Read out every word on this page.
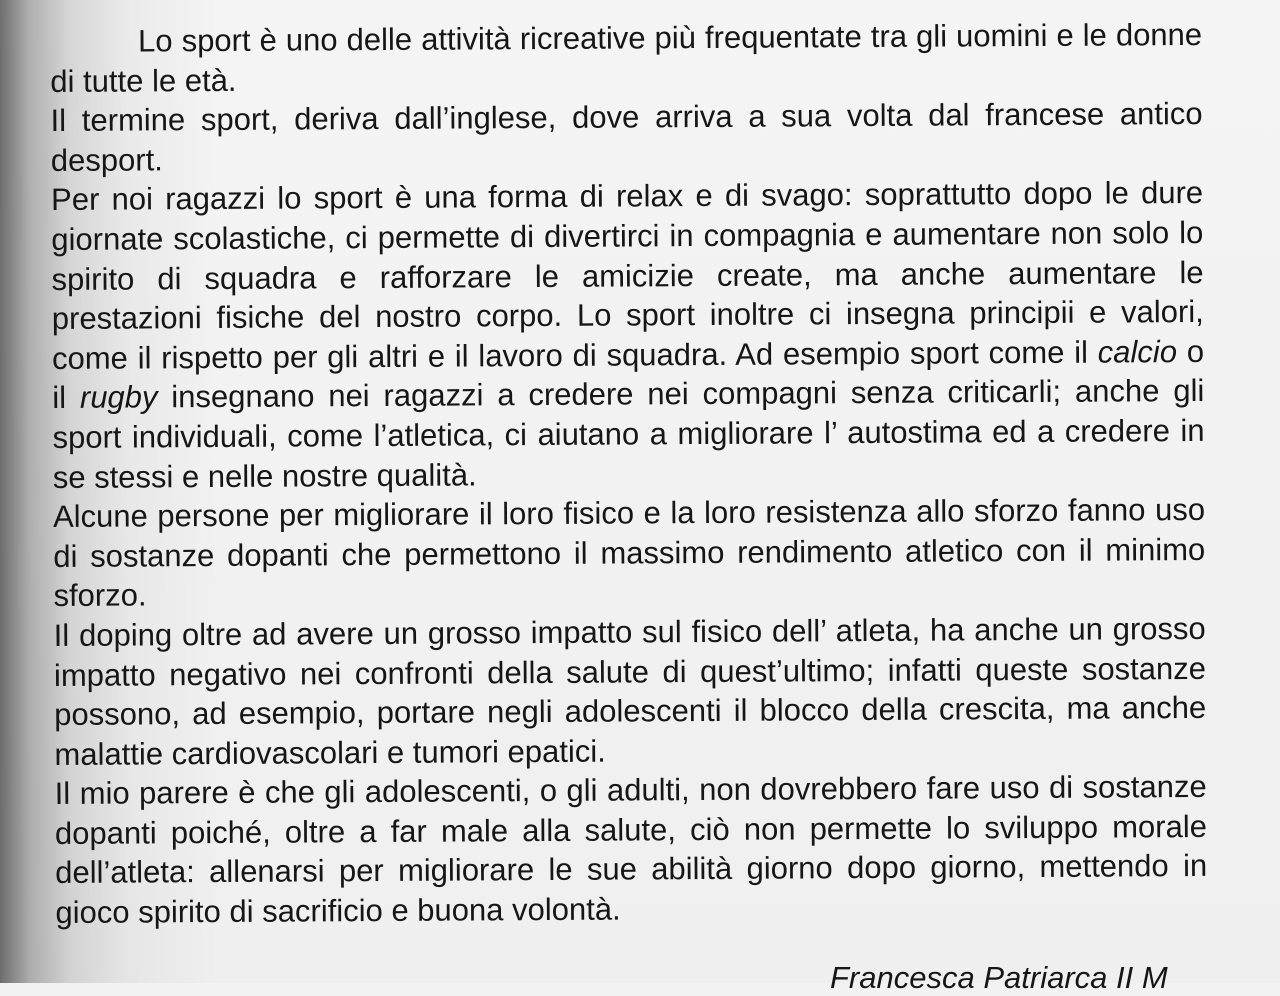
Lo sport è uno delle attività ricreative più frequentate tra gli uomini e le donne di tutte le età.

Il termine sport, deriva dall’inglese, dove arriva a sua volta dal francese antico desport.

Per noi ragazzi lo sport è una forma di relax e di svago: soprattutto dopo le dure giornate scolastiche, ci permette di divertirci in compagnia e aumentare non solo lo spirito di squadra e rafforzare le amicizie create, ma anche aumentare le prestazioni fisiche del nostro corpo. Lo sport inoltre ci insegna principii e valori, come il rispetto per gli altri e il lavoro di squadra. Ad esempio sport come il calcio o il rugby insegnano nei ragazzi a credere nei compagni senza criticarli; anche gli sport individuali, come l’atletica, ci aiutano a migliorare l’ autostima ed a credere in se stessi e nelle nostre qualità.

Alcune persone per migliorare il loro fisico e la loro resistenza allo sforzo fanno uso di sostanze dopanti che permettono il massimo rendimento atletico con il minimo sforzo.

Il doping oltre ad avere un grosso impatto sul fisico dell’ atleta, ha anche un grosso impatto negativo nei confronti della salute di quest’ultimo; infatti queste sostanze possono, ad esempio, portare negli adolescenti il blocco della crescita, ma anche malattie cardiovascolari e tumori epatici.

Il mio parere è che gli adolescenti, o gli adulti, non dovrebbero fare uso di sostanze dopanti poiché, oltre a far male alla salute, ciò non permette lo sviluppo morale dell’atleta: allenarsi per migliorare le sue abilità giorno dopo giorno, mettendo in gioco spirito di sacrificio e buona volontà.

Francesca Patriarca II M
